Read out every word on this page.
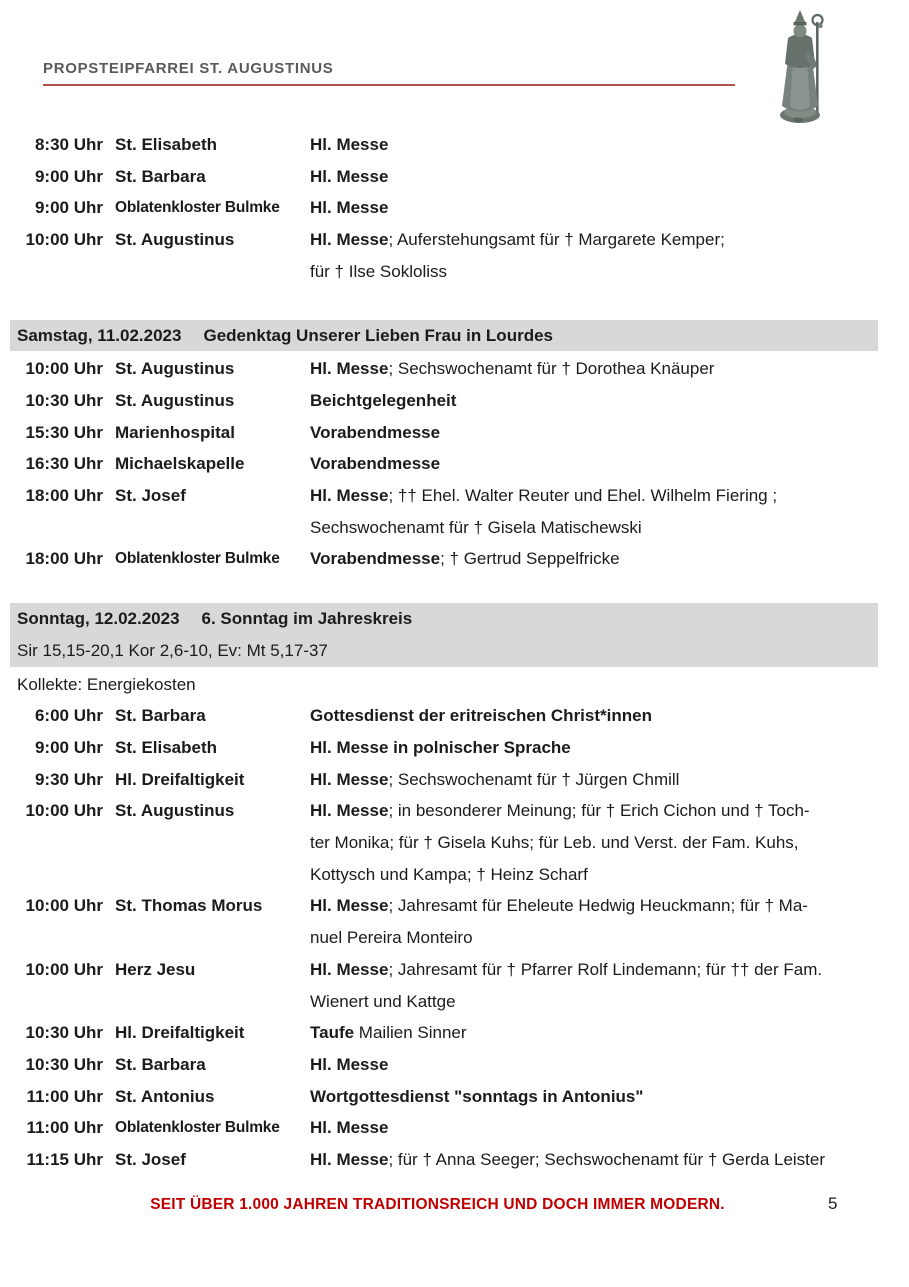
PROPSTEIPFARREI ST. AUGUSTINUS
8:30 Uhr St. Elisabeth	Hl. Messe
9:00 Uhr St. Barbara	Hl. Messe
9:00 Uhr Oblatenkloster Bulmke	Hl. Messe
10:00 Uhr St. Augustinus	Hl. Messe; Auferstehungsamt für † Margarete Kemper;
für † Ilse Sokloliss
Samstag, 11.02.2023 Gedenktag Unserer Lieben Frau in Lourdes
10:00 Uhr St. Augustinus	Hl. Messe; Sechswochenamt für † Dorothea Knäuper
10:30 Uhr St. Augustinus	Beichtgelegenheit
15:30 Uhr Marienhospital	Vorabendmesse
16:30 Uhr Michaelskapelle	Vorabendmesse
18:00 Uhr St. Josef	Hl. Messe; †† Ehel. Walter Reuter und Ehel. Wilhelm Fiering ;
Sechswochenamt für † Gisela Matischewski
18:00 Uhr Oblatenkloster Bulmke	Vorabendmesse; † Gertrud Seppelfricke
Sonntag, 12.02.2023 6. Sonntag im Jahreskreis
Sir 15,15-20,1 Kor 2,6-10, Ev: Mt 5,17-37
Kollekte: Energiekosten
6:00 Uhr St. Barbara	Gottesdienst der eritreischen Christ*innen
9:00 Uhr St. Elisabeth	Hl. Messe in polnischer Sprache
9:30 Uhr Hl. Dreifaltigkeit	Hl. Messe; Sechswochenamt für † Jürgen Chmill
10:00 Uhr St. Augustinus	Hl. Messe; in besonderer Meinung; für † Erich Cichon und † Toch-
ter Monika; für † Gisela Kuhs; für Leb. und Verst. der Fam. Kuhs,
Kottysch und Kampa; † Heinz Scharf
10:00 Uhr St. Thomas Morus	Hl. Messe; Jahresamt für Eheleute Hedwig Heuckmann; für † Ma-
nuel Pereira Monteiro
10:00 Uhr Herz Jesu	Hl. Messe; Jahresamt für † Pfarrer Rolf Lindemann; für †† der Fam.
Wienert und Kattge
10:30 Uhr Hl. Dreifaltigkeit	Taufe Mailien Sinner
10:30 Uhr St. Barbara	Hl. Messe
11:00 Uhr St. Antonius	Wortgottesdienst "sonntags in Antonius"
11:00 Uhr Oblatenkloster Bulmke	Hl. Messe
11:15 Uhr St. Josef	Hl. Messe; für † Anna Seeger; Sechswochenamt für † Gerda Leister
SEIT ÜBER 1.000 JAHREN TRADITIONSREICH UND DOCH IMMER MODERN.	5
